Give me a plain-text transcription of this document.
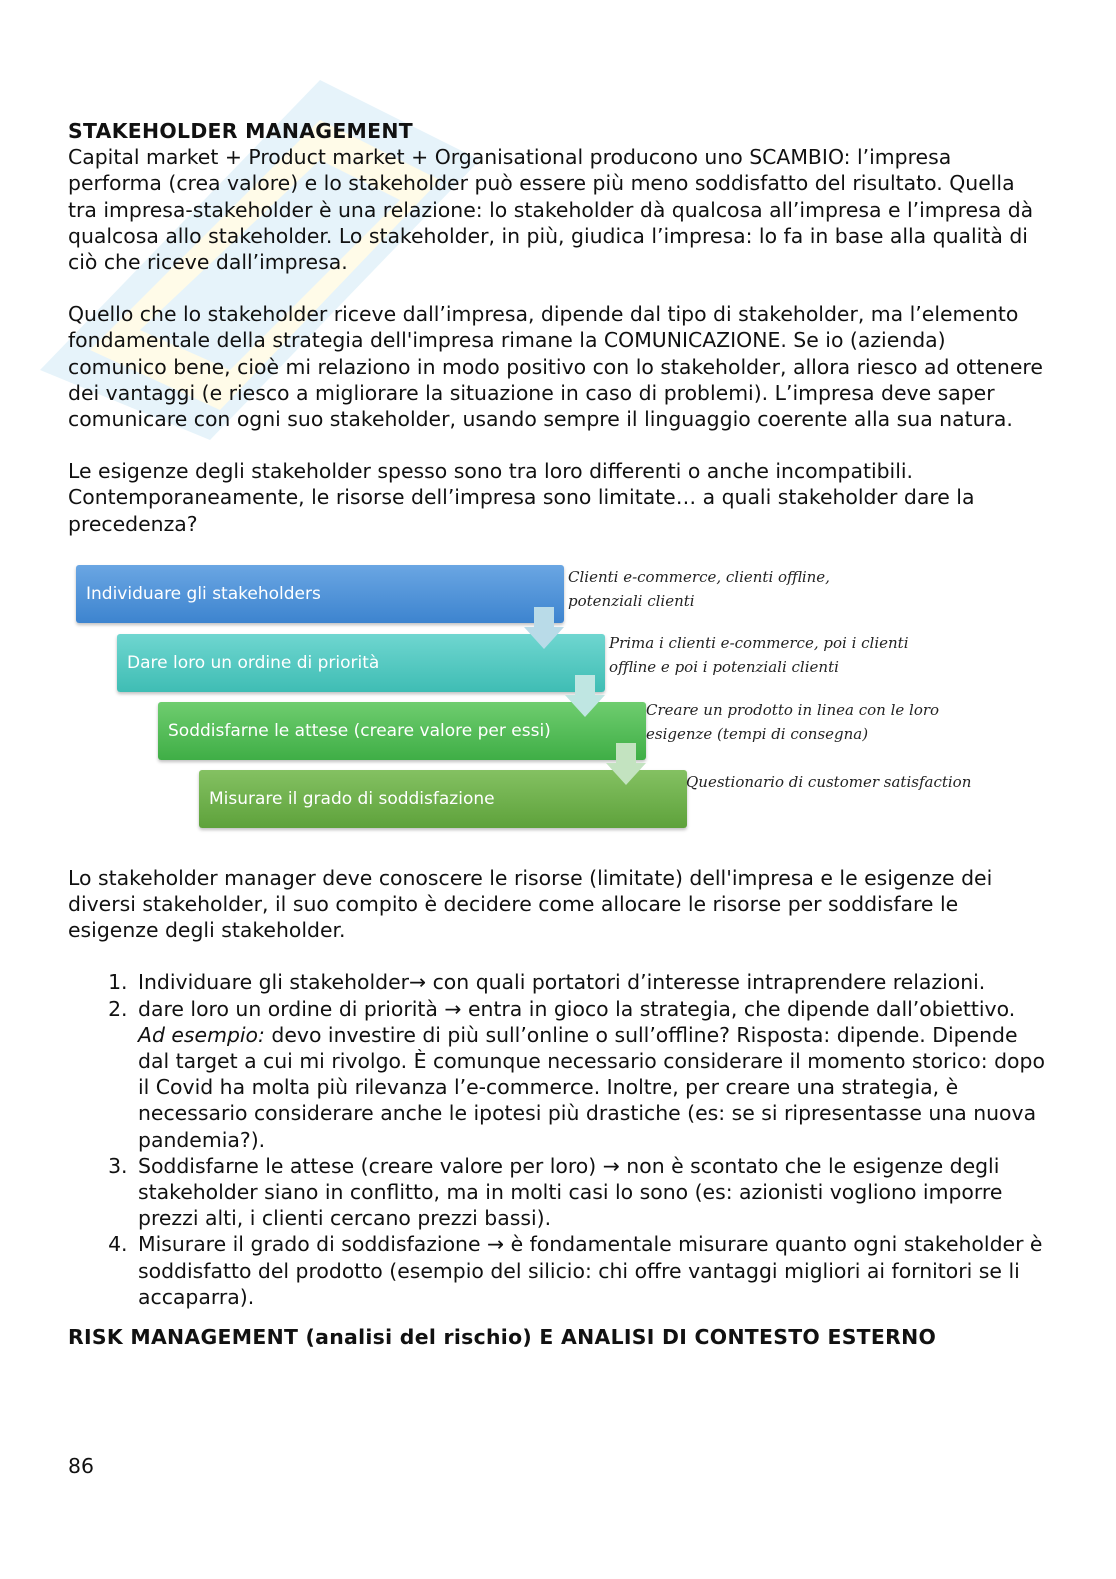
STAKEHOLDER MANAGEMENT

Capital market + Product market + Organisational producono uno SCAMBIO: l’impresa performa (crea valore) e lo stakeholder può essere più meno soddisfatto del risultato. Quella tra impresa-stakeholder è una relazione: lo stakeholder dà qualcosa all’impresa e l’impresa dà qualcosa allo stakeholder. Lo stakeholder, in più, giudica l’impresa: lo fa in base alla qualità di ciò che riceve dall’impresa.

Quello che lo stakeholder riceve dall’impresa, dipende dal tipo di stakeholder, ma l’elemento fondamentale della strategia dell'impresa rimane la COMUNICAZIONE. Se io (azienda) comunico bene, cioè mi relaziono in modo positivo con lo stakeholder, allora riesco ad ottenere dei vantaggi (e riesco a migliorare la situazione in caso di problemi). L’impresa deve saper comunicare con ogni suo stakeholder, usando sempre il linguaggio coerente alla sua natura.

Le esigenze degli stakeholder spesso sono tra loro differenti o anche incompatibili. Contemporaneamente, le risorse dell’impresa sono limitate… a quali stakeholder dare la precedenza?

Individuare gli stakeholders
Dare loro un ordine di priorità
Soddisfarne le attese (creare valore per essi)
Misurare il grado di soddisfazione
Clienti e-commerce, clienti offline, potenziali clienti
Prima i clienti e-commerce, poi i clienti offline e poi i potenziali clienti
Creare un prodotto in linea con le loro esigenze (tempi di consegna)
Questionario di customer satisfaction

Lo stakeholder manager deve conoscere le risorse (limitate) dell'impresa e le esigenze dei diversi stakeholder, il suo compito è decidere come allocare le risorse per soddisfare le esigenze degli stakeholder.

1. Individuare gli stakeholder→ con quali portatori d’interesse intraprendere relazioni.
2. dare loro un ordine di priorità → entra in gioco la strategia, che dipende dall’obiettivo. Ad esempio: devo investire di più sull’online o sull’offline? Risposta: dipende. Dipende dal target a cui mi rivolgo. È comunque necessario considerare il momento storico: dopo il Covid ha molta più rilevanza l’e-commerce. Inoltre, per creare una strategia, è necessario considerare anche le ipotesi più drastiche (es: se si ripresentasse una nuova pandemia?).
3. Soddisfarne le attese (creare valore per loro) → non è scontato che le esigenze degli stakeholder siano in conflitto, ma in molti casi lo sono (es: azionisti vogliono imporre prezzi alti, i clienti cercano prezzi bassi).
4. Misurare il grado di soddisfazione → è fondamentale misurare quanto ogni stakeholder è soddisfatto del prodotto (esempio del silicio: chi offre vantaggi migliori ai fornitori se li accaparra).
RISK MANAGEMENT (analisi del rischio) E ANALISI DI CONTESTO ESTERNO
86
